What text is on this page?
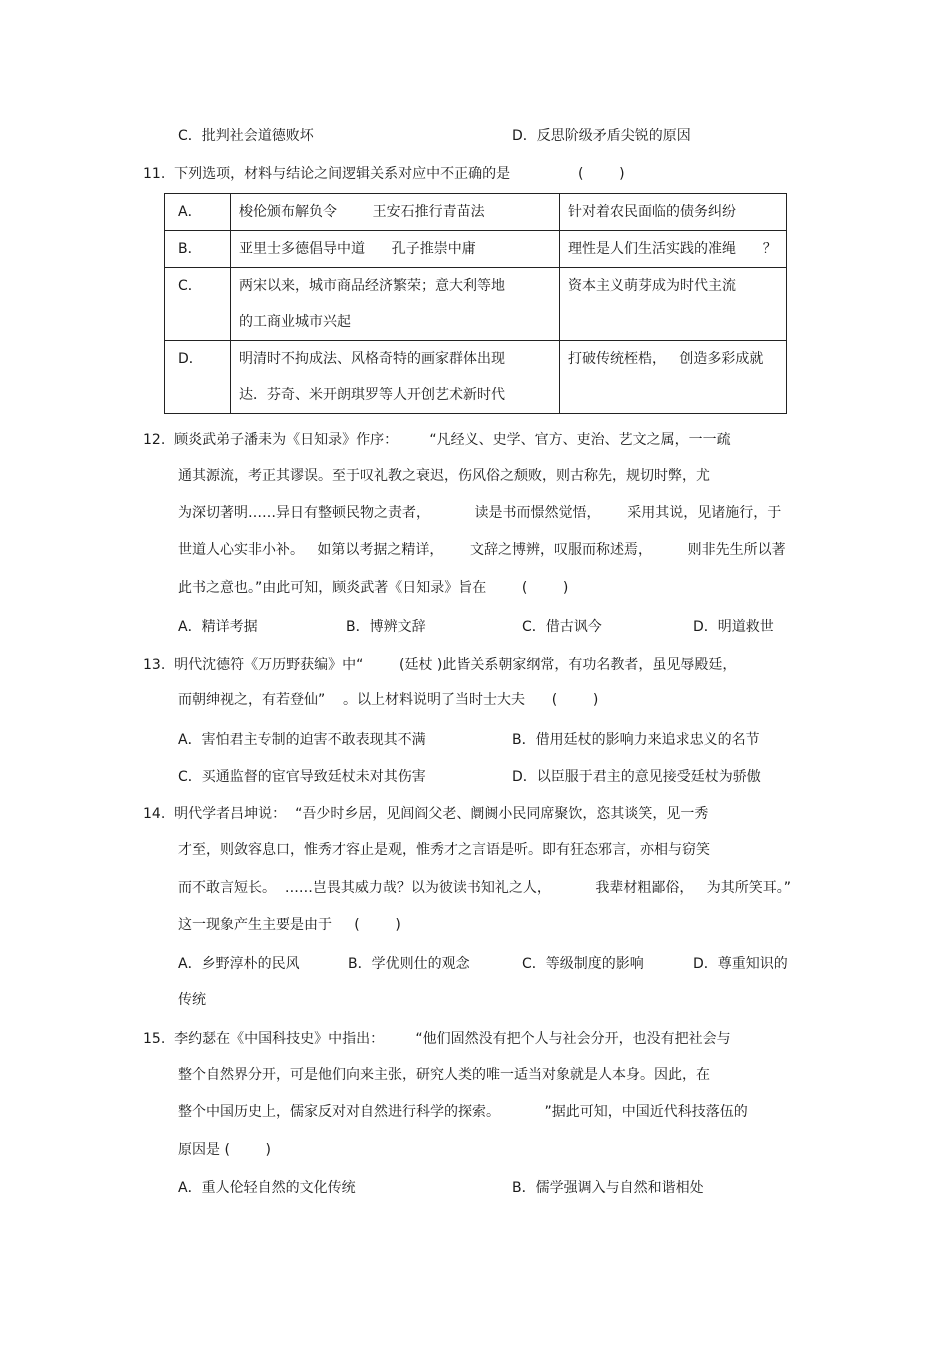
C．批判社会道德败坏	D．反思阶级矛盾尖锐的原因
11.  下列选项，材料与结论之间逻辑关系对应中不正确的是	(        )
A．	梭伦颁布解负令        王安石推行青苗法	针对着农民面临的债务纠纷
B．	亚里士多德倡导中道      孔子推崇中庸	理性是人们生活实践的准绳      ？
C．	两宋以来，城市商品经济繁荣；意大利等地
的工商业城市兴起	资本主义萌芽成为时代主流
D．	明清时不拘成法、风格奇特的画家群体出现
达．芬奇、米开朗琪罗等人开创艺术新时代	打破传统桎梏，   创造多彩成就
12.  顾炎武弟子潘耒为《日知录》作序：       “凡经义、史学、官方、吏治、艺文之属，一一疏
通其源流，考正其谬误。至于叹礼教之衰迟，伤风俗之颓败，则古称先，规切时弊，尤
为深切著明……异日有整顿民物之责者，          读是书而憬然觉悟，      采用其说，见诸施行，于
世道人心实非小补。   如第以考据之精详，      文辞之博辨，叹服而称述焉，        则非先生所以著
此书之意也。”由此可知，顾炎武著《日知录》旨在        (        )
A．精详考据	B．博辨文辞	C．借古讽今	D．明道救世
13.  明代沈德符《万历野获编》中“        (廷杖 )此皆关系朝家纲常，有功名教者，虽见辱殿廷，
而朝绅视之，有若登仙”    。以上材料说明了当时士大夫      (        )
A．害怕君主专制的迫害不敢表现其不满	B．借用廷杖的影响力来追求忠义的名节
C．买通监督的宦官导致廷杖未对其伤害	D．以臣服于君主的意见接受廷杖为骄傲
14.  明代学者吕坤说：  “吾少时乡居，见闾阎父老、阛阓小民同席聚饮，恣其谈笑，见一秀
才至，则敛容息口，惟秀才容止是观，惟秀才之言语是听。即有狂态邪言，亦相与窃笑
而不敢言短长。  ……岂畏其威力哉？以为彼读书知礼之人，          我辈材粗鄙俗，   为其所笑耳。”
这一现象产生主要是由于     (        )
A．乡野淳朴的民风	B．学优则仕的观念	C．等级制度的影响	D．尊重知识的
传统
15.  李约瑟在《中国科技史》中指出：       “他们固然没有把个人与社会分开，也没有把社会与
整个自然界分开，可是他们向来主张，研究人类的唯一适当对象就是人本身。因此，在
整个中国历史上，儒家反对对自然进行科学的探索。          ”据此可知，中国近代科技落伍的
原因是 (        )
A．重人伦轻自然的文化传统	B．儒学强调入与自然和谐相处
